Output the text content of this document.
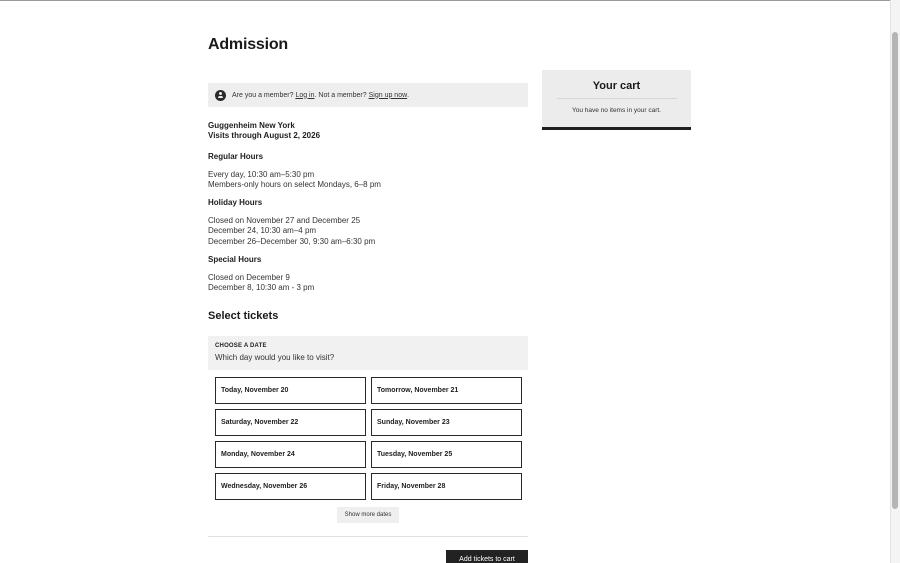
Admission
Are you a member?
Log in . Not a member?
Sign up now .
Guggenheim New York
Visits through August 2, 2026
Regular Hours
Every day, 10:30 am–5:30 pm
Members-only hours on select Mondays, 6–8 pm
Holiday Hours
Closed on November 27 and December 25
December 24, 10:30 am–4 pm
December 26–December 30, 9:30 am–6:30 pm
Special Hours
Closed on December 9
December 8, 10:30 am - 3 pm
Select tickets
CHOOSE A DATE
Which day would you like to visit?
Today, November 20	Tomorrow, November 21
Saturday, November 22	Sunday, November 23
Monday, November 24	Tuesday, November 25
Wednesday, November 26	Friday, November 28
Show more dates
Add tickets to cart
Your cart
You have no items in your cart.
